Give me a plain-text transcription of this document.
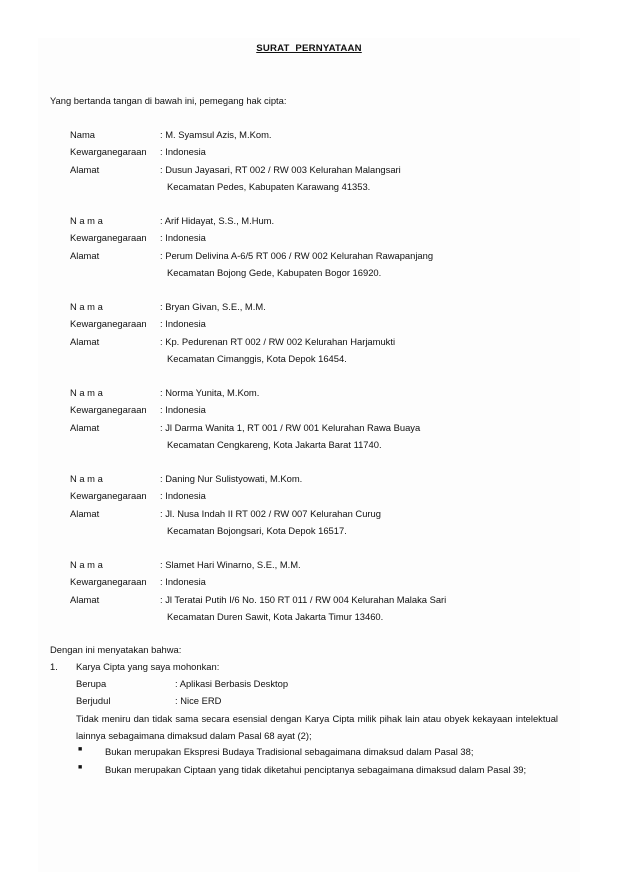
SURAT PERNYATAAN
Yang bertanda tangan di bawah ini, pemegang hak cipta:
Nama	: M. Syamsul Azis, M.Kom.
Kewarganegaraan : Indonesia
Alamat	: Dusun Jayasari, RT 002 / RW 003 Kelurahan Malangsari
Kecamatan Pedes, Kabupaten Karawang 41353.
Nama	: Arif Hidayat, S.S., M.Hum.
Kewarganegaraan : Indonesia
Alamat	: Perum Delivina A-6/5 RT 006 / RW 002 Kelurahan Rawapanjang
Kecamatan Bojong Gede, Kabupaten Bogor 16920.
Nama	: Bryan Givan, S.E., M.M.
Kewarganegaraan : Indonesia
Alamat	: Kp. Pedurenan RT 002 / RW 002 Kelurahan Harjamukti
Kecamatan Cimanggis, Kota Depok 16454.
Nama	: Norma Yunita, M.Kom.
Kewarganegaraan : Indonesia
Alamat	: Jl Darma Wanita 1, RT 001 / RW 001 Kelurahan Rawa Buaya
Kecamatan Cengkareng, Kota Jakarta Barat 11740.
Nama	: Daning Nur Sulistyowati, M.Kom.
Kewarganegaraan : Indonesia
Alamat	: Jl. Nusa Indah II RT 002 / RW 007 Kelurahan Curug
Kecamatan Bojongsari, Kota Depok 16517.
Nama	: Slamet Hari Winarno, S.E., M.M.
Kewarganegaraan : Indonesia
Alamat	: Jl Teratai Putih I/6 No. 150 RT 011 / RW 004 Kelurahan Malaka Sari
Kecamatan Duren Sawit, Kota Jakarta Timur 13460.
Dengan ini menyatakan bahwa:
1. Karya Cipta yang saya mohonkan:
Berupa	: Aplikasi Berbasis Desktop
Berjudul	: Nice ERD
Tidak meniru dan tidak sama secara esensial dengan Karya Cipta milik pihak lain atau obyek kekayaan intelektual lainnya sebagaimana dimaksud dalam Pasal 68 ayat (2);
■ Bukan merupakan Ekspresi Budaya Tradisional sebagaimana dimaksud dalam Pasal 38;
■ Bukan merupakan Ciptaan yang tidak diketahui penciptanya sebagaimana dimaksud dalam Pasal 39;
